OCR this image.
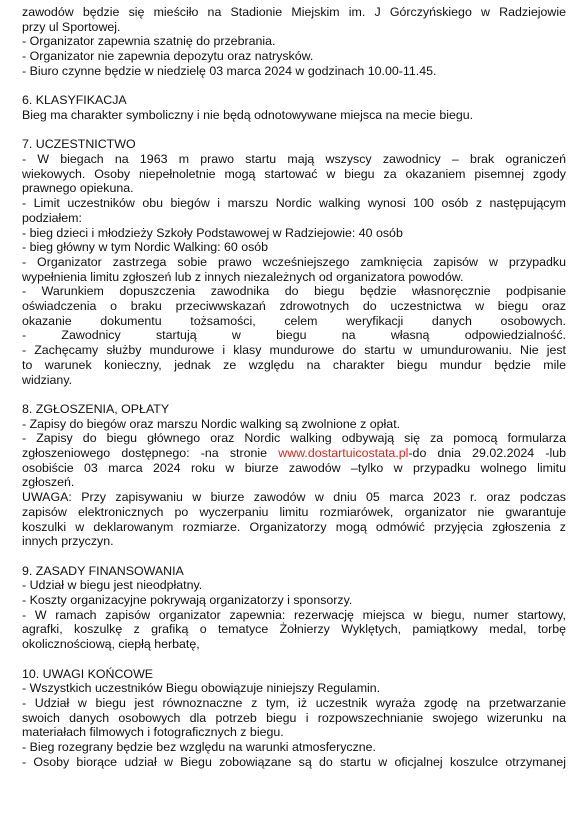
zawodów będzie się mieściło na Stadionie Miejskim im. J Górczyńskiego w Radziejowie
przy ul Sportowej.
- Organizator zapewnia szatnię do przebrania.
- Organizator nie zapewnia depozytu oraz natrysków.
- Biuro czynne będzie w niedzielę 03 marca 2024 w godzinach 10.00-11.45.
6. KLASYFIKACJA
Bieg ma charakter symboliczny i nie będą odnotowywane miejsca na mecie biegu.
7. UCZESTNICTWO
- W biegach na 1963 m prawo startu mają wszyscy zawodnicy – brak ograniczeń
wiekowych. Osoby niepełnoletnie mogą startować w biegu za okazaniem pisemnej zgody
prawnego opiekuna.
- Limit uczestników obu biegów i marszu Nordic walking wynosi 100 osób z następującym
podziałem:
- bieg dzieci i młodzieży Szkoły Podstawowej w Radziejowie: 40 osób
- bieg główny w tym Nordic Walking: 60 osób
- Organizator zastrzega sobie prawo wcześniejszego zamknięcia zapisów w przypadku
wypełnienia limitu zgłoszeń lub z innych niezależnych od organizatora powodów.
- Warunkiem dopuszczenia zawodnika do biegu będzie własnoręcznie podpisanie
oświadczenia o braku przeciwwskazań zdrowotnych do uczestnictwa w biegu oraz
okazanie dokumentu tożsamości, celem weryfikacji danych osobowych.
- Zawodnicy startują w biegu na własną odpowiedzialność.
- Zachęcamy służby mundurowe i klasy mundurowe do startu w umundurowaniu. Nie jest
to warunek konieczny, jednak ze względu na charakter biegu mundur będzie mile
widziany.
8. ZGŁOSZENIA, OPŁATY
- Zapisy do biegów oraz marszu Nordic walking są zwolnione z opłat.
- Zapisy do biegu głównego oraz Nordic walking odbywają się za pomocą formularza
zgłoszeniowego dostępnego: -na stronie www.dostartuicostata.pl-do dnia 29.02.2024 -lub
osobiście 03 marca 2024 roku w biurze zawodów –tylko w przypadku wolnego limitu
zgłoszeń.
UWAGA: Przy zapisywaniu w biurze zawodów w dniu 05 marca 2023 r. oraz podczas
zapisów elektronicznych po wyczerpaniu limitu rozmiarówek, organizator nie gwarantuje
koszulki w deklarowanym rozmiarze. Organizatorzy mogą odmówić przyjęcia zgłoszenia z
innych przyczyn.
9. ZASADY FINANSOWANIA
- Udział w biegu jest nieodpłatny.
- Koszty organizacyjne pokrywają organizatorzy i sponsorzy.
- W ramach zapisów organizator zapewnia: rezerwację miejsca w biegu, numer startowy,
agrafki, koszulkę z grafiką o tematyce Żołnierzy Wyklętych, pamiątkowy medal, torbę
okolicznościową, ciepłą herbatę,
10. UWAGI KOŃCOWE
- Wszystkich uczestników Biegu obowiązuje niniejszy Regulamin.
- Udział w biegu jest równoznaczne z tym, iż uczestnik wyraża zgodę na przetwarzanie
swoich danych osobowych dla potrzeb biegu i rozpowszechnianie swojego wizerunku na
materiałach filmowych i fotograficznych z biegu.
- Bieg rozegrany będzie bez względu na warunki atmosferyczne.
- Osoby biorące udział w Biegu zobowiązane są do startu w oficjalnej koszulce otrzymanej
